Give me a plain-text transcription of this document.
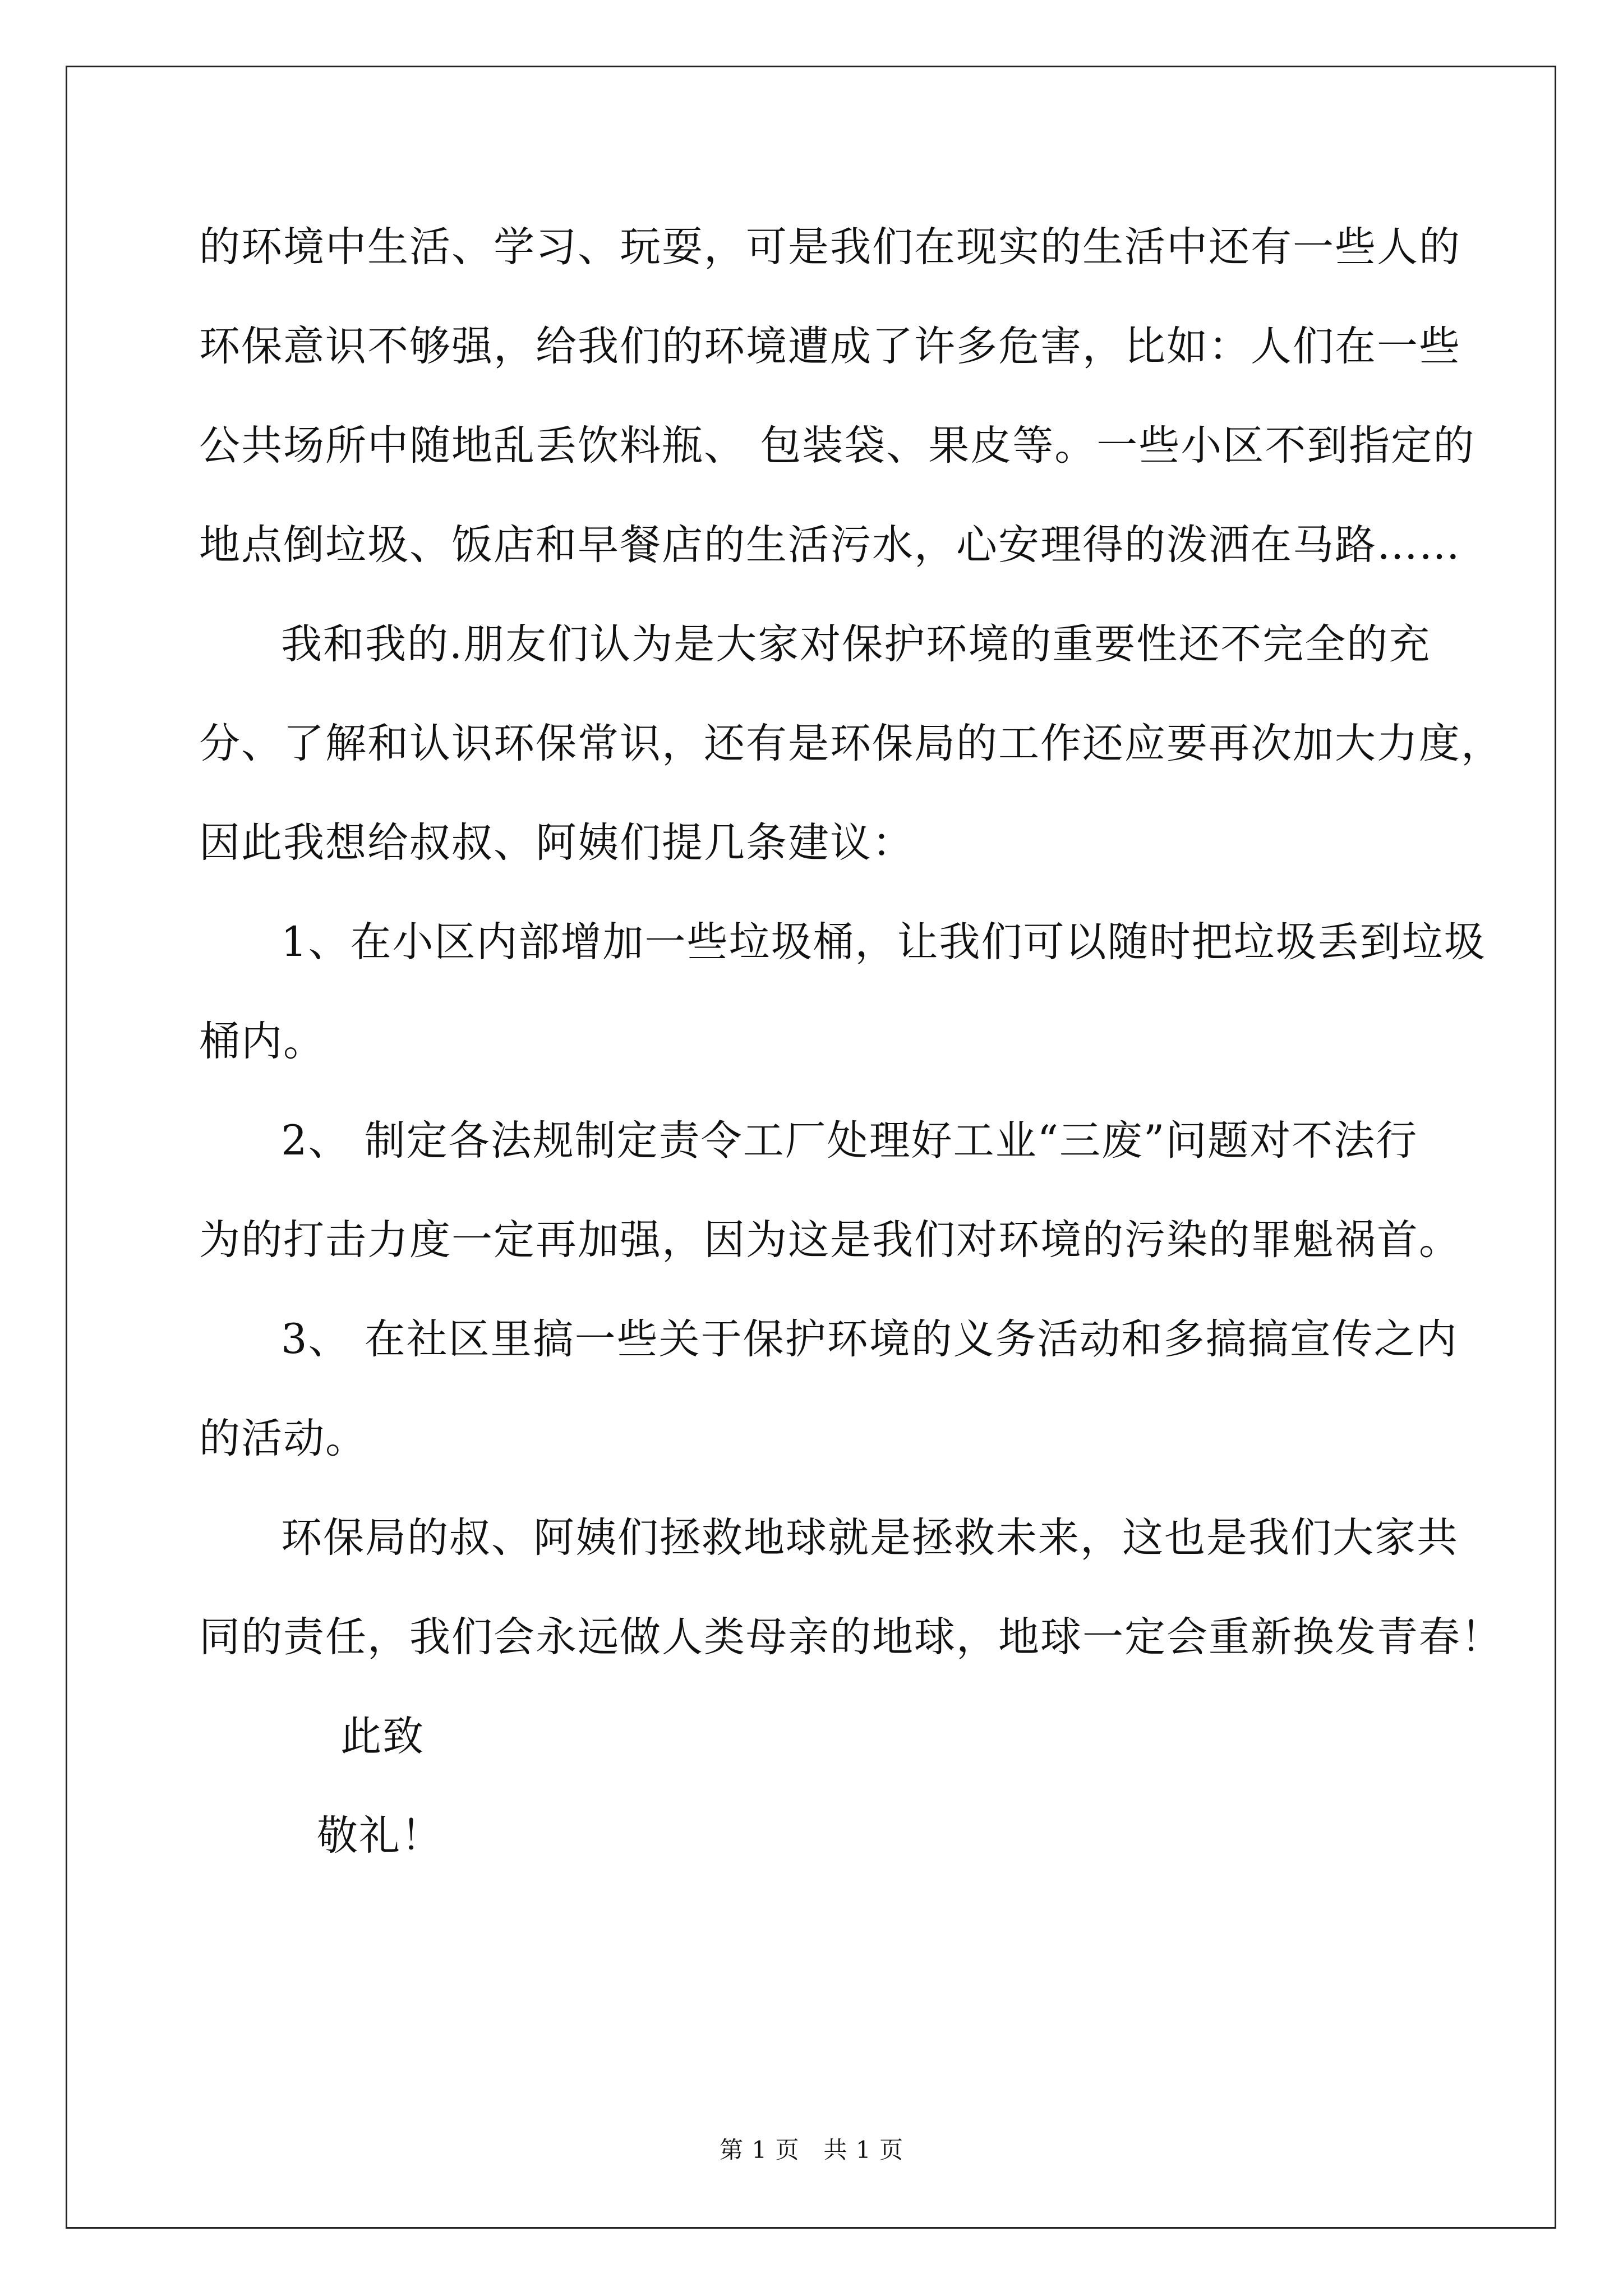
的环境中生活、学习、玩耍，可是我们在现实的生活中还有一些人的
环保意识不够强，给我们的环境遭成了许多危害，比如：人们在一些
公共场所中随地乱丢饮料瓶、 包装袋、果皮等。一些小区不到指定的
地点倒垃圾、饭店和早餐店的生活污水，心安理得的泼洒在马路……

我和我的.朋友们认为是大家对保护环境的重要性还不完全的充
分、了解和认识环保常识，还有是环保局的工作还应要再次加大力度，
因此我想给叔叔、阿姨们提几条建议：

1、在小区内部增加一些垃圾桶，让我们可以随时把垃圾丢到垃圾
桶内。

2、 制定各法规制定责令工厂处理好工业“三废”问题对不法行
为的打击力度一定再加强，因为这是我们对环境的污染的罪魁祸首。

3、 在社区里搞一些关于保护环境的义务活动和多搞搞宣传之内
的活动。

环保局的叔、阿姨们拯救地球就是拯救未来，这也是我们大家共
同的责任，我们会永远做人类母亲的地球，地球一定会重新换发青春！

此致
敬礼！

第 1 页   共 1 页
